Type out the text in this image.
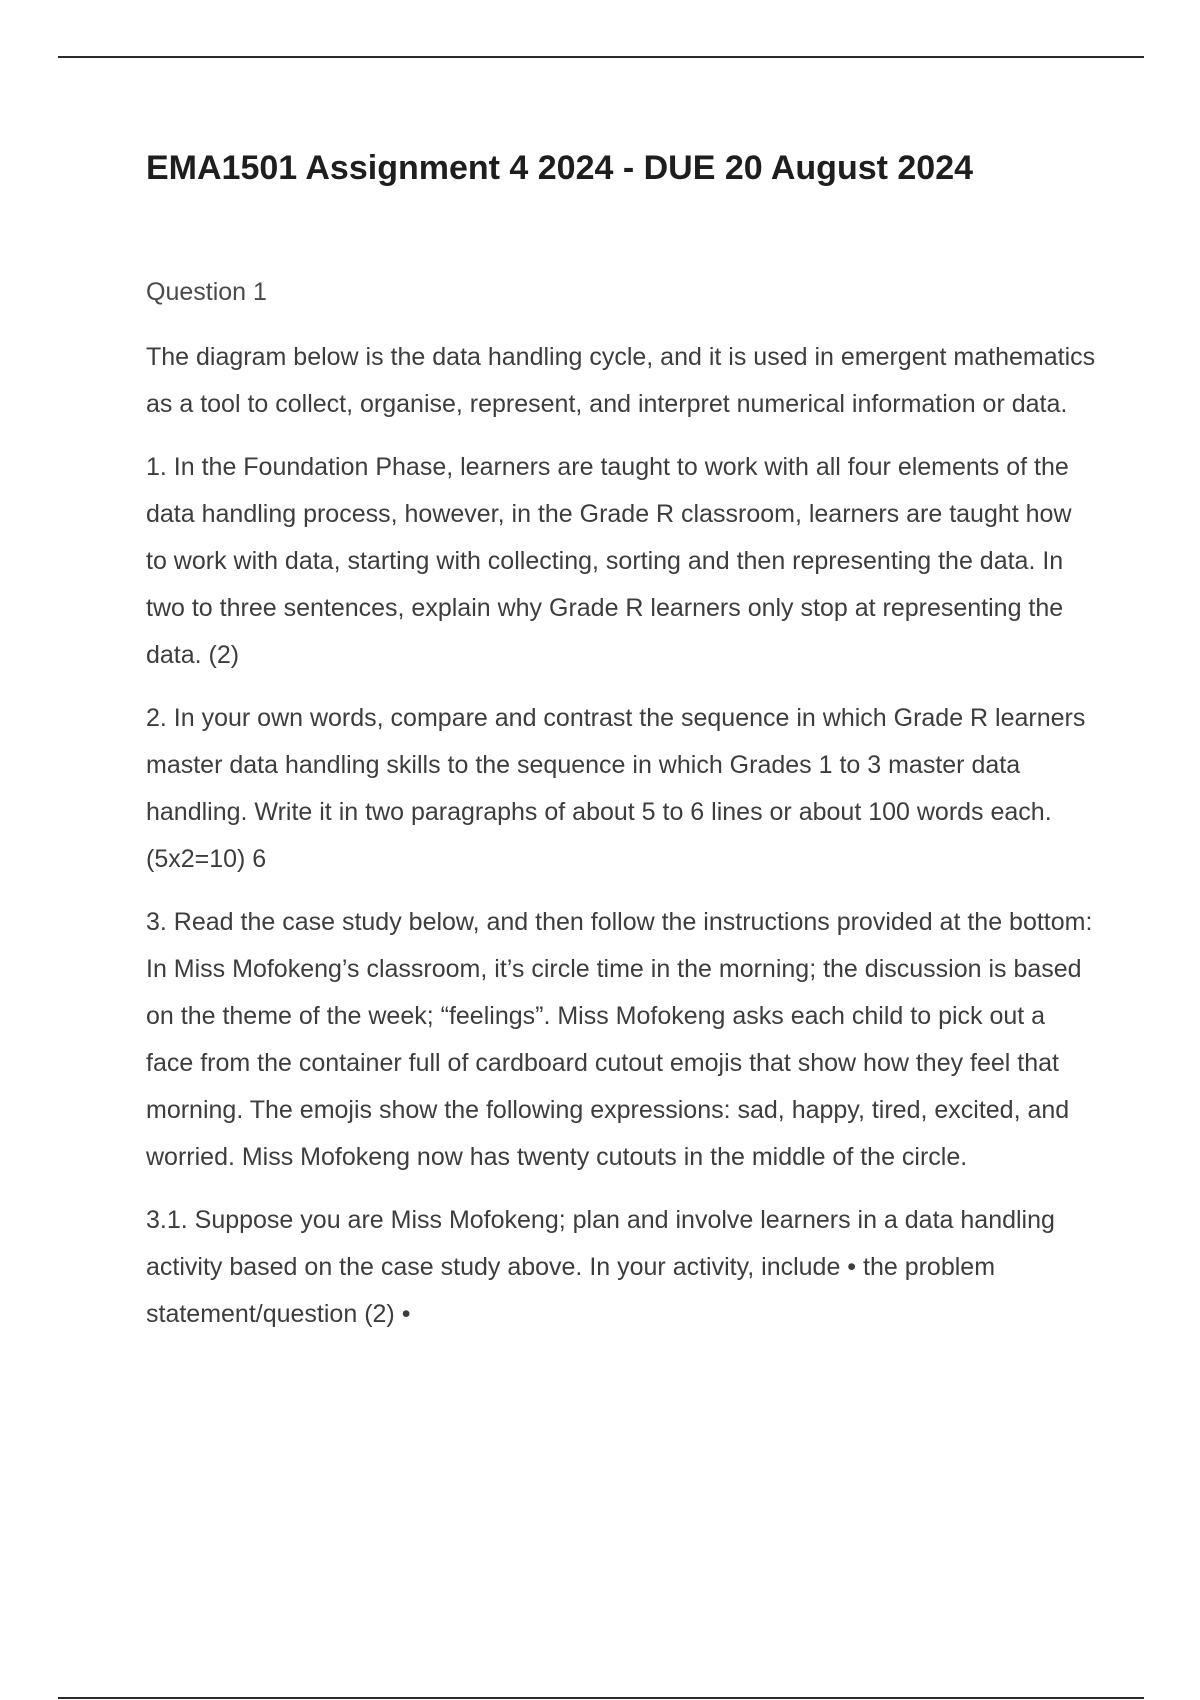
EMA1501 Assignment 4 2024 - DUE 20 August 2024
Question 1

The diagram below is the data handling cycle, and it is used in emergent mathematics as a tool to collect, organise, represent, and interpret numerical information or data.

1. In the Foundation Phase, learners are taught to work with all four elements of the data handling process, however, in the Grade R classroom, learners are taught how to work with data, starting with collecting, sorting and then representing the data. In two to three sentences, explain why Grade R learners only stop at representing the data. (2)

2. In your own words, compare and contrast the sequence in which Grade R learners master data handling skills to the sequence in which Grades 1 to 3 master data handling. Write it in two paragraphs of about 5 to 6 lines or about 100 words each. (5x2=10) 6

3. Read the case study below, and then follow the instructions provided at the bottom: In Miss Mofokeng’s classroom, it’s circle time in the morning; the discussion is based on the theme of the week; “feelings”. Miss Mofokeng asks each child to pick out a face from the container full of cardboard cutout emojis that show how they feel that morning. The emojis show the following expressions: sad, happy, tired, excited, and worried. Miss Mofokeng now has twenty cutouts in the middle of the circle.

3.1. Suppose you are Miss Mofokeng; plan and involve learners in a data handling activity based on the case study above. In your activity, include • the problem statement/question (2) •
